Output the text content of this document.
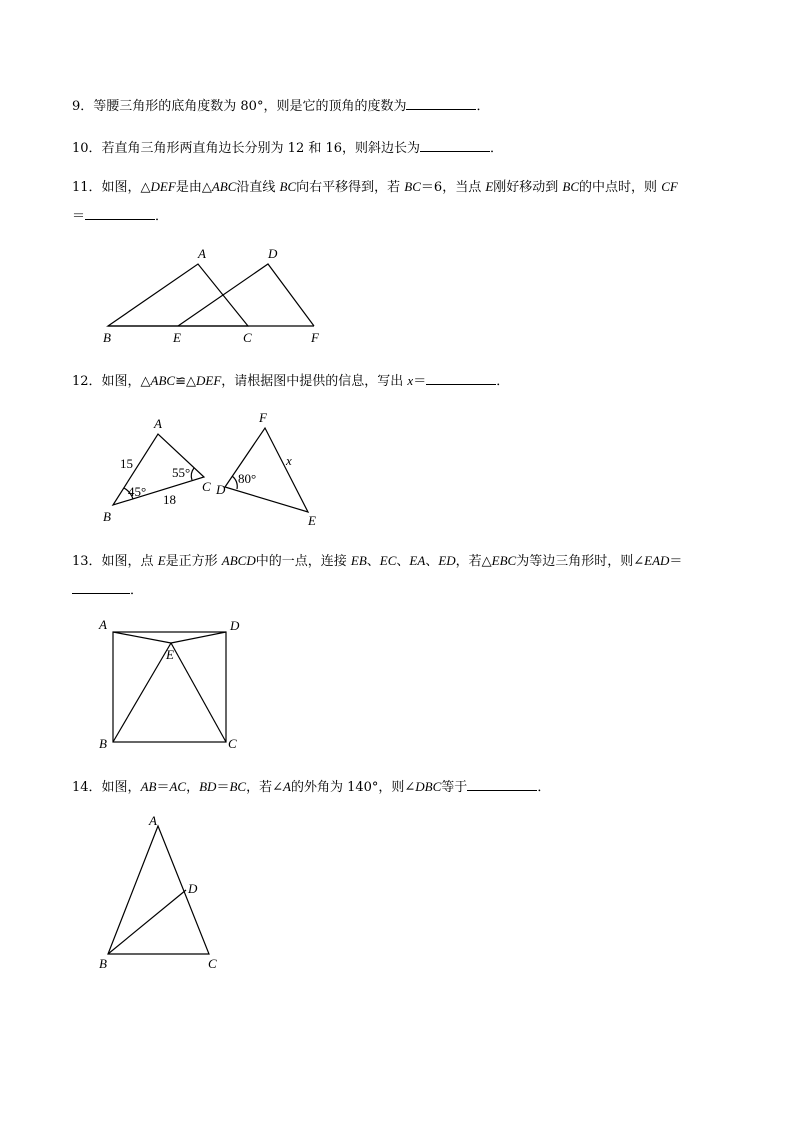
9．等腰三角形的底角度数为 80°，则是它的顶角的度数为	．
10．若直角三角形两直角边长分别为 12 和 16，则斜边长为	．
11．如图，△DEF是由△ABC沿直线 BC向右平移得到，若 BC＝6，当点 E刚好移动到 BC的中点时，则 CF
＝	．
A	D
B	E	C	F
12．如图，△ABC≌△DEF，请根据图中提供的信息，写出 x＝	．
A
B
C
15
18
45°
55°
D
E
F
x
80°
13．如图，点 E是正方形 ABCD中的一点，连接 EB、EC、EA、ED，若△EBC为等边三角形时，则∠EAD＝
．
A	D
E
B	C
14．如图，AB＝AC，BD＝BC，若∠A的外角为 140°，则∠DBC等于	．
A
D
B	C
